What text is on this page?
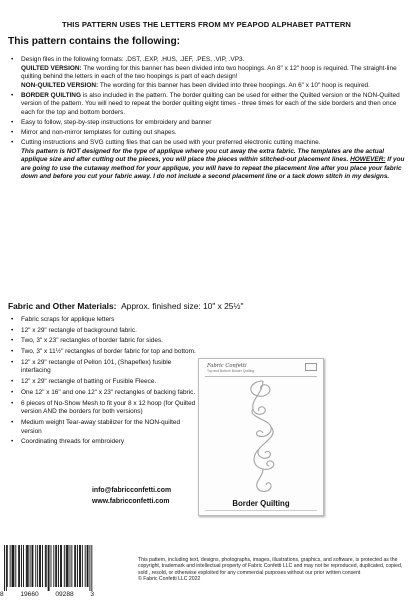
THIS PATTERN USES THE LETTERS FROM MY PEAPOD ALPHABET PATTERN
This pattern contains the following:
• Design files in the following formats: .DST, .EXP, .HUS, .JEF, .PES, .VIP, .VP3.
QUILTED VERSION: The wording for this banner has been divided into two hoopings. An 8" x 12" hoop is required. The straight-line quilting behind the letters in each of the two hoopings is part of each design!
NON-QUILTED VERSION: The wording for this banner has been divided into three hoopings. An 6" x 10" hoop is required.
• BORDER QUILTING is also included in the pattern. The border quilting can be used for either the Quilted version or the NON-Quilted version of the pattern. You will need to repeat the border quilting eight times - three times for each of the side borders and then once each for the top and bottom borders.
• Easy to follow, step-by-step instructions for embroidery and banner
• Mirror and non-mirror templates for cutting out shapes.
• Cutting instructions and SVG cutting files that can be used with your preferred electronic cutting machine.
This pattern is NOT designed for the type of applique where you cut away the extra fabric. The templates are the actual applique size and after cutting out the pieces, you will place the pieces within stitched-out placement lines. HOWEVER: If you are going to use the cutaway method for your applique, you will have to repeat the placement line after you place your fabric down and before you cut your fabric away. I do not include a second placement line or a tack down stitch in my designs.
Fabric and Other Materials: Approx. finished size: 10" x 25½"
• Fabric scraps for applique letters
• 12" x 29" rectangle of background fabric.
• Two, 3" x 23" rectangles of border fabric for sides.
• Two, 3" x 11½" rectangles of border fabric for top and bottom.
• 12" x 29" rectangle of Pellon 101, (Shapeflex) fusible interfacing
• 12" x 29" rectangle of batting or Fusible Fleece.
• One 12" x 16" and one 12" x 23" rectangles of backing fabric.
• 6 pieces of No-Show Mesh to fit your 8 x 12 hoop (for Quilted version AND the borders for both versions)
• Medium weight Tear-away stabilizer for the NON-quilted version
• Coordinating threads for embroidery
info@fabricconfetti.com
www.fabricconfetti.com
Fabric Confetti
Top and Bottom Border Quilting
Border Quilting
8	19660	09288	3
This pattern, including text, designs, photographs, images, illustrations, graphics, and software, is protected as the copyright, trademark and intellectual property of Fabric Confetti LLC and may not be reproduced, duplicated, copied, sold , resold, or otherwise exploited for any commercial purposes without our prior written consent
© Fabric Confetti LLC 2022
